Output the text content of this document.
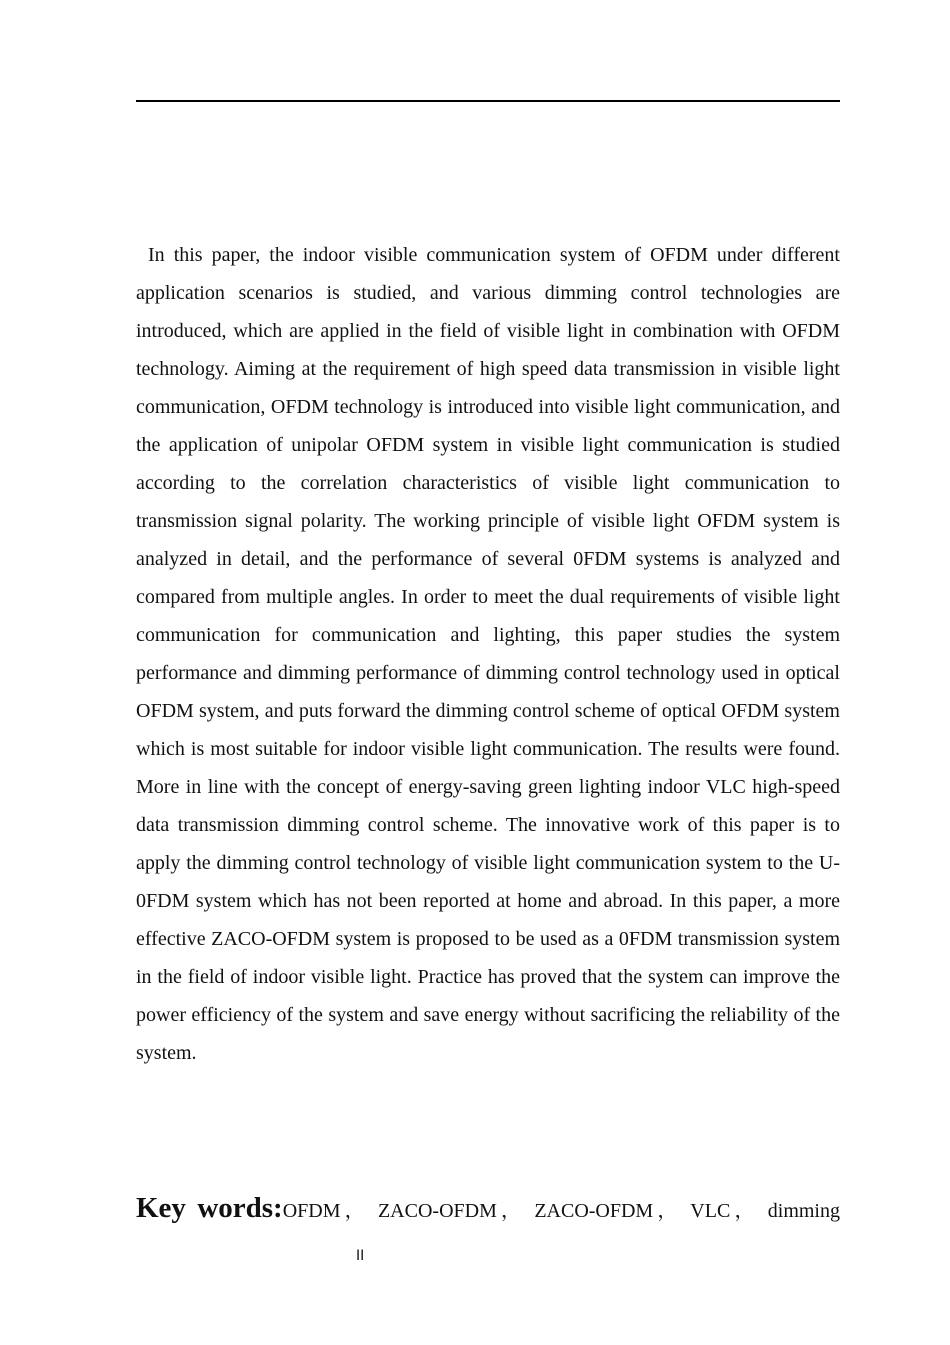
In this paper, the indoor visible communication system of OFDM under different application scenarios is studied, and various dimming control technologies are introduced, which are applied in the field of visible light in combination with OFDM technology. Aiming at the requirement of high speed data transmission in visible light communication, OFDM technology is introduced into visible light communication, and the application of unipolar OFDM system in visible light communication is studied according to the correlation characteristics of visible light communication to transmission signal polarity. The working principle of visible light OFDM system is analyzed in detail, and the performance of several 0FDM systems is analyzed and compared from multiple angles. In order to meet the dual requirements of visible light communication for communication and lighting, this paper studies the system performance and dimming performance of dimming control technology used in optical OFDM system, and puts forward the dimming control scheme of optical OFDM system which is most suitable for indoor visible light communication. The results were found. More in line with the concept of energy-saving green lighting indoor VLC high-speed data transmission dimming control scheme. The innovative work of this paper is to apply the dimming control technology of visible light communication system to the U-0FDM system which has not been reported at home and abroad. In this paper, a more effective ZACO-OFDM system is proposed to be used as a 0FDM transmission system in the field of indoor visible light. Practice has proved that the system can improve the power efficiency of the system and save energy without sacrificing the reliability of the system.

Key words:OFDM， ZACO-OFDM， ZACO-OFDM， VLC， dimming

II
